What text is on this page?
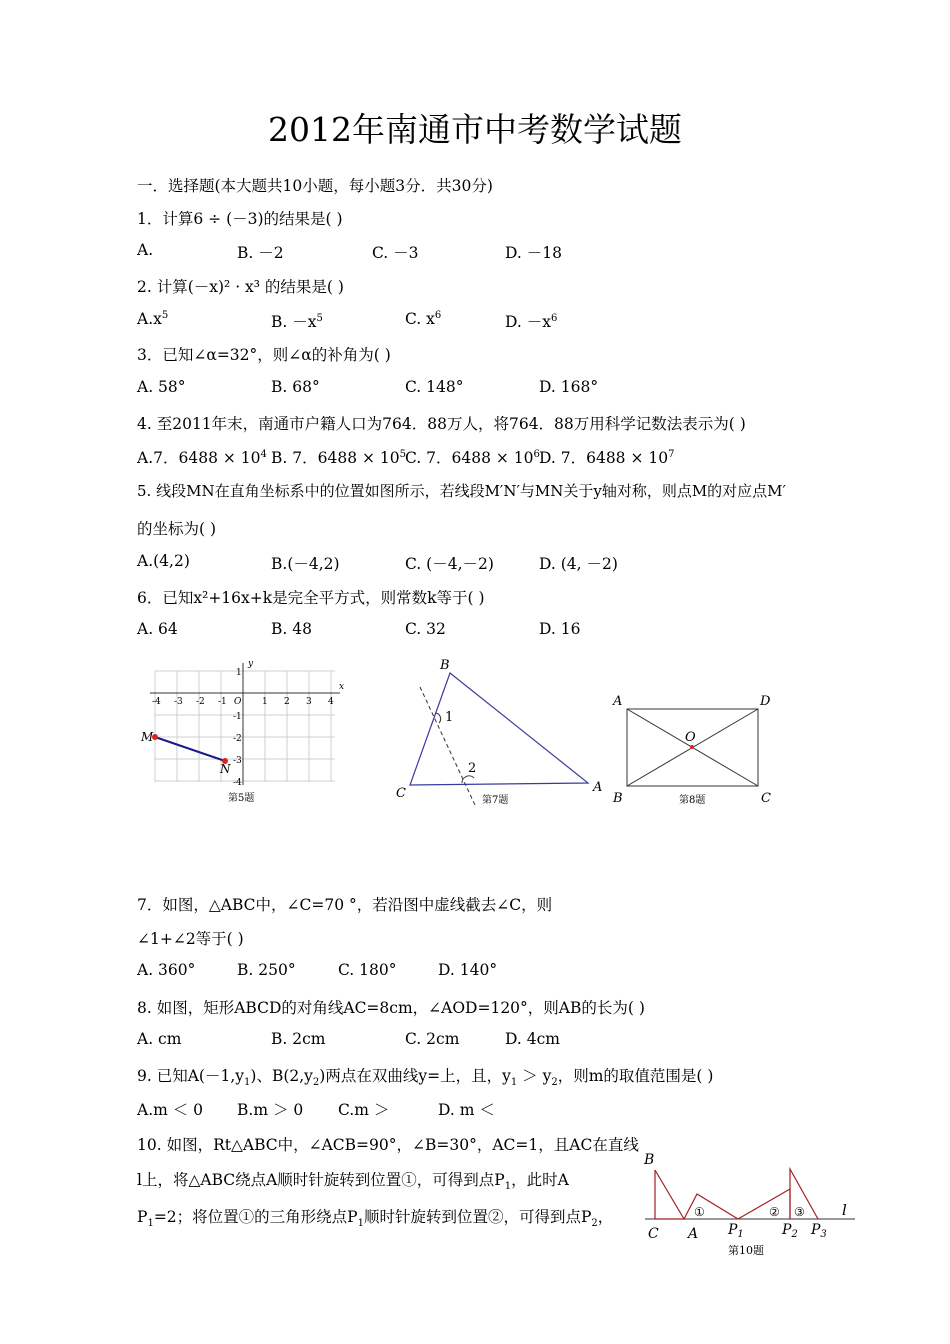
2012年南通市中考数学试题
一．选择题(本大题共10小题，每小题3分．共30分)
1．计算6 ÷ (－3)的结果是( )
A.	B. －2	C. －3	D. －18
2. 计算(－x)² · x³ 的结果是( )
$A.x^5$	B. $-x^5$	C. $x^6$	D. $-x^6$
3．已知∠α=32°，则∠α的补角为( )
A. 58°	B. 68°	C. 148°	D. 168°
4. 至2011年末，南通市户籍人口为764．88万人，将764．88万用科学记数法表示为( )
A.7．$6488 \times 10^4$ B. 7．$6488 \times 10^5$ C. 7．$6488 \times 10^6$ D. 7．$6488 \times 10^7$
5. 线段MN在直角坐标系中的位置如图所示，若线段M′N′与MN关于y轴对称，则点M的对应点M′
的坐标为( )
A.(4,2)	B.(－4,2)	C. (－4,－2)	D. (4, －2)
6．已知x²+16x+k是完全平方式，则常数k等于( )
A. 64	B. 48	C. 32	D. 16
x
y
O
-4 -3 -2 -1	1 2 3 4
1
-1
-2
-3
-4
M
N
第5题
B
C	A
1
2
第7题
A	D
O
B	C
第8题
7．如图，△ABC中，∠C=70 °，若沿图中虚线截去∠C，则
∠1+∠2等于( )
A. 360°	B. 250°	C. 180°	D. 140°
8. 如图，矩形ABCD的对角线AC=8cm，∠AOD=120°，则AB的长为( )
A. cm	B. 2cm	C. 2cm	D. 4cm
9. 已知$A(-1,y_1)$、$B(2,y_2)$两点在双曲线y=上，且，$y_1 > y_2$，则m的取值范围是( )
A.m ＜ 0 B.m ＞ 0 C.m ＞	D. m ＜
10. 如图，Rt△ABC中，∠ACB=90°，∠B=30°，AC=1，且AC在直线
l上，将△ABC绕点A顺时针旋转到位置①，可得到点$P_1$，此时A
$P_1=2$；将位置①的三角形绕点$P_1$顺时针旋转到位置②，可得到点$P_2$，
B
C A $P_1$	$P_2$ $P_3$
l
①	② ③
第10题
